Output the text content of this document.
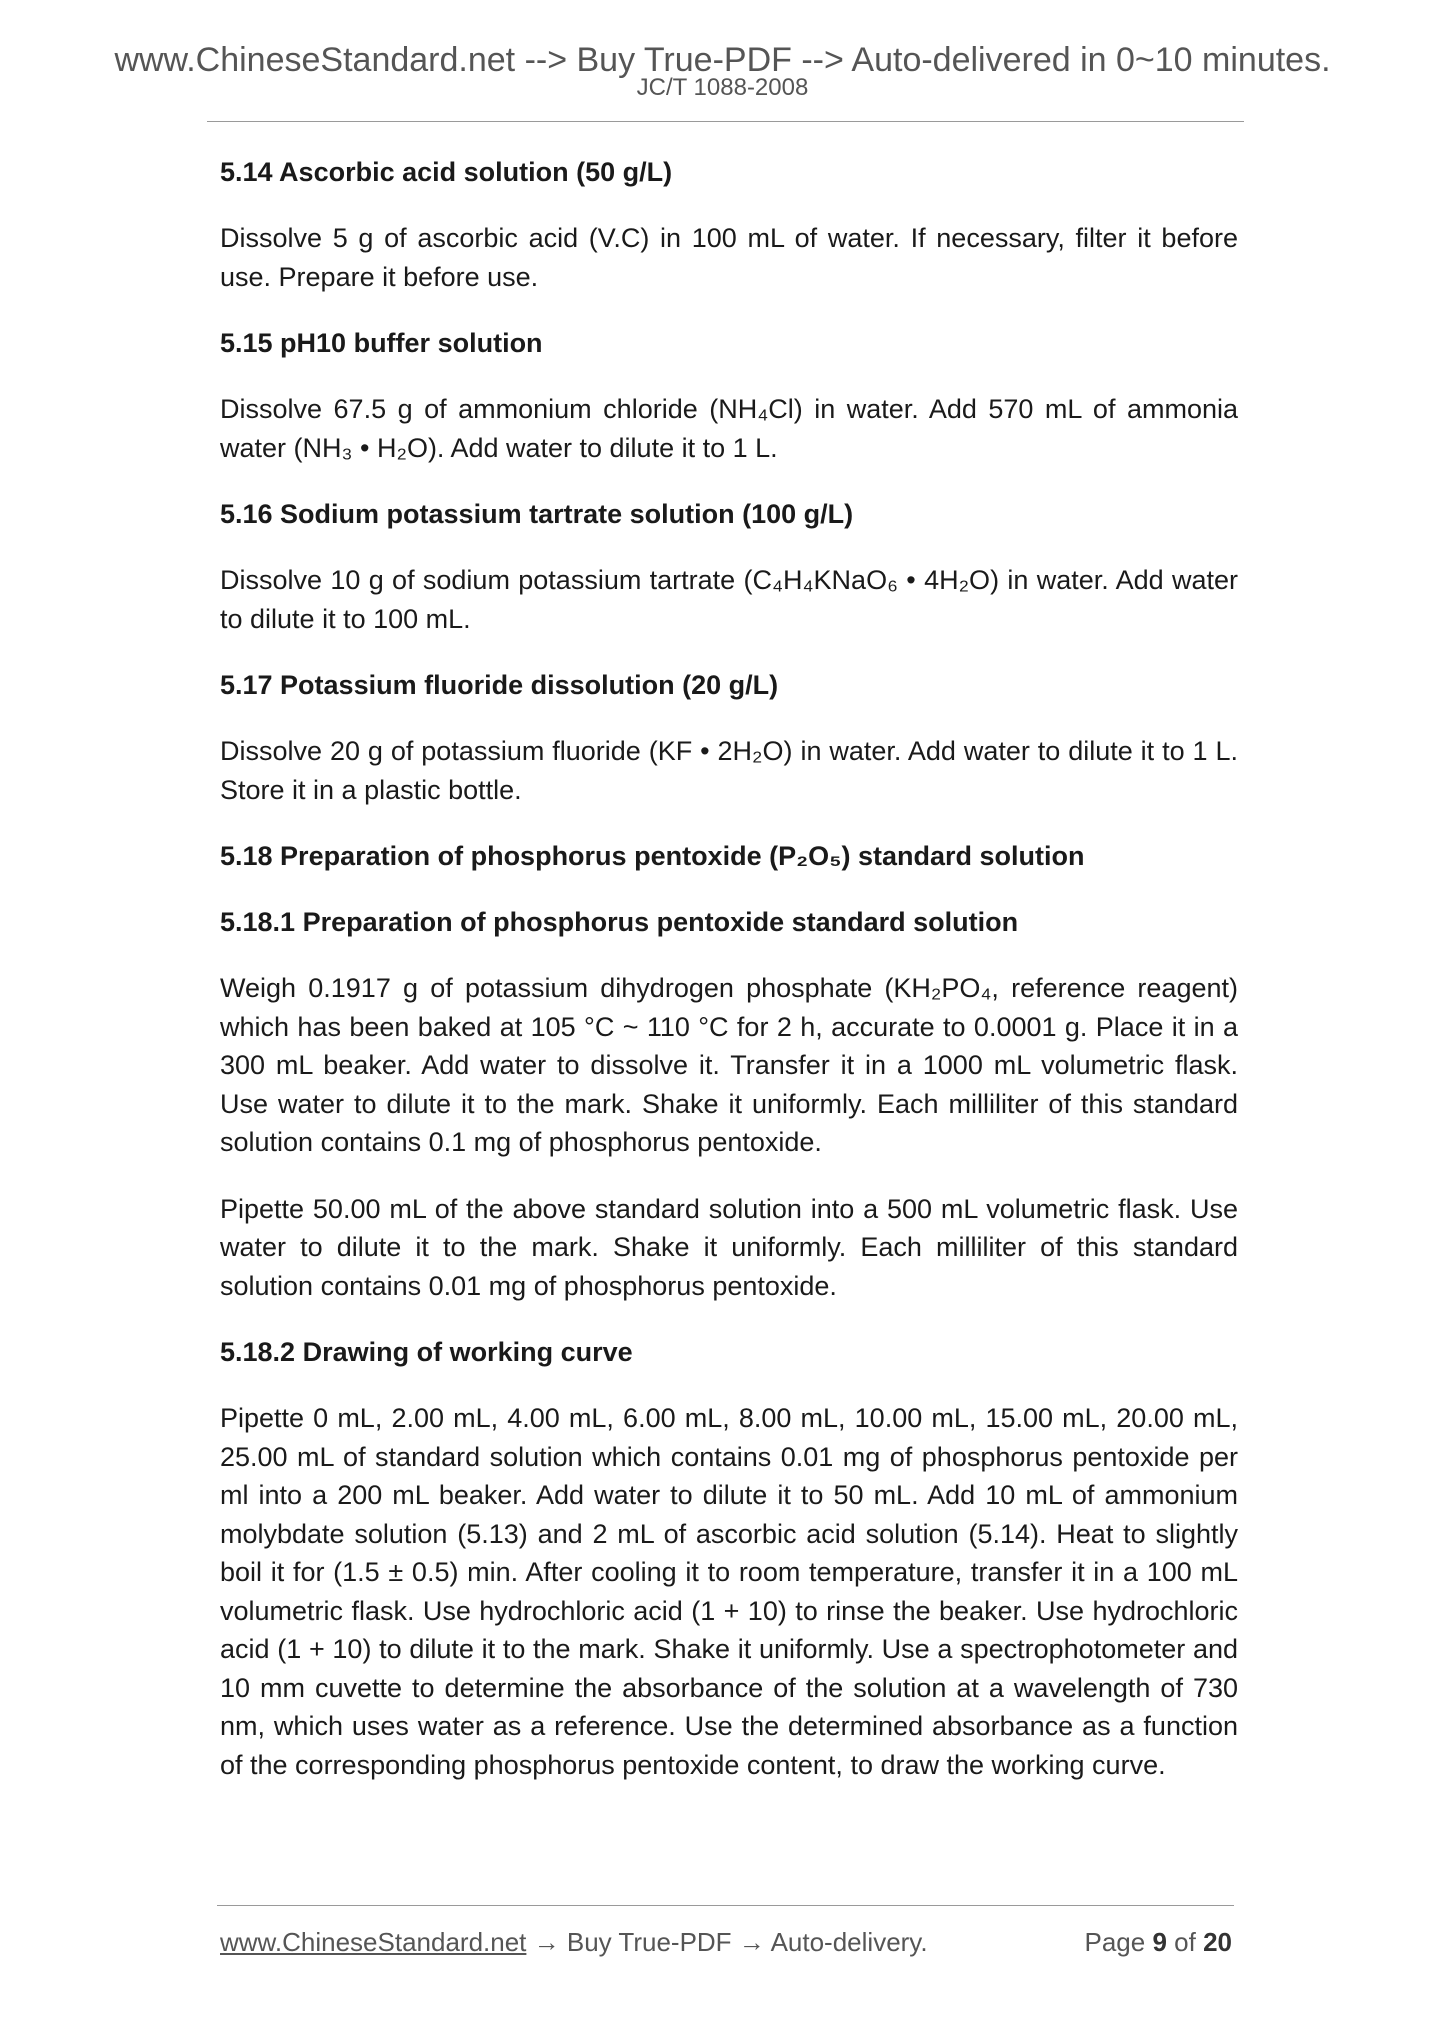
www.ChineseStandard.net --> Buy True-PDF --> Auto-delivered in 0~10 minutes.
JC/T 1088-2008
5.14 Ascorbic acid solution (50 g/L)
Dissolve 5 g of ascorbic acid (V.C) in 100 mL of water. If necessary, filter it before use. Prepare it before use.
5.15 pH10 buffer solution
Dissolve 67.5 g of ammonium chloride (NH₄Cl) in water. Add 570 mL of ammonia water (NH₃ • H₂O). Add water to dilute it to 1 L.
5.16 Sodium potassium tartrate solution (100 g/L)
Dissolve 10 g of sodium potassium tartrate (C₄H₄KNaO₆ • 4H₂O) in water. Add water to dilute it to 100 mL.
5.17 Potassium fluoride dissolution (20 g/L)
Dissolve 20 g of potassium fluoride (KF • 2H₂O) in water. Add water to dilute it to 1 L. Store it in a plastic bottle.
5.18 Preparation of phosphorus pentoxide (P₂O₅) standard solution
5.18.1 Preparation of phosphorus pentoxide standard solution
Weigh 0.1917 g of potassium dihydrogen phosphate (KH₂PO₄, reference reagent) which has been baked at 105 °C ~ 110 °C for 2 h, accurate to 0.0001 g. Place it in a 300 mL beaker. Add water to dissolve it. Transfer it in a 1000 mL volumetric flask. Use water to dilute it to the mark. Shake it uniformly. Each milliliter of this standard solution contains 0.1 mg of phosphorus pentoxide.
Pipette 50.00 mL of the above standard solution into a 500 mL volumetric flask. Use water to dilute it to the mark. Shake it uniformly. Each milliliter of this standard solution contains 0.01 mg of phosphorus pentoxide.
5.18.2 Drawing of working curve
Pipette 0 mL, 2.00 mL, 4.00 mL, 6.00 mL, 8.00 mL, 10.00 mL, 15.00 mL, 20.00 mL, 25.00 mL of standard solution which contains 0.01 mg of phosphorus pentoxide per ml into a 200 mL beaker. Add water to dilute it to 50 mL. Add 10 mL of ammonium molybdate solution (5.13) and 2 mL of ascorbic acid solution (5.14). Heat to slightly boil it for (1.5 ± 0.5) min. After cooling it to room temperature, transfer it in a 100 mL volumetric flask. Use hydrochloric acid (1 + 10) to rinse the beaker. Use hydrochloric acid (1 + 10) to dilute it to the mark. Shake it uniformly. Use a spectrophotometer and 10 mm cuvette to determine the absorbance of the solution at a wavelength of 730 nm, which uses water as a reference. Use the determined absorbance as a function of the corresponding phosphorus pentoxide content, to draw the working curve.
www.ChineseStandard.net → Buy True-PDF → Auto-delivery.	Page 9 of 20
